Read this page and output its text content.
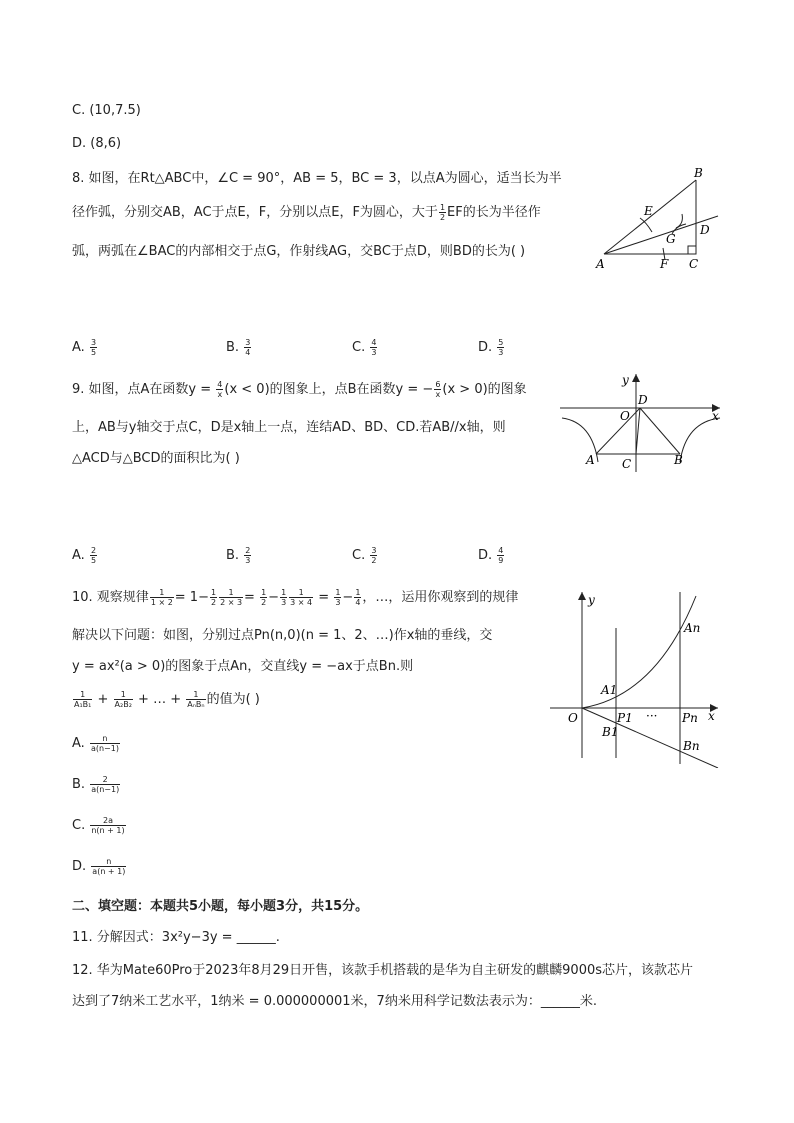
C. (10,7.5)
D. (8,6)
8. 如图，在Rt△ABC中，∠C = 90°，AB = 5，BC = 3，以点A为圆心，适当长为半
径作弧，分别交AB，AC于点E，F，分别以点E，F为圆心，大于 $\frac{1}{2}$ EF的长为半径作
弧，两弧在∠BAC的内部相交于点G，作射线AG，交BC于点D，则BD的长为( )
B
E
G
D
A	F C
A. $\frac{3}{5}$	B. $\frac{3}{4}$	C. $\frac{4}{3}$	D. $\frac{5}{3}$
9. 如图，点A在函数$y = \frac{4}{x} (x < 0)$的图象上，点B在函数y = − $\frac{6}{x} (x > 0)$的图象
上，AB与y轴交于点C，D是x轴上一点，连结AD、BD、CD.若AB//x轴，则
△ACD与△BCD的面积比为( )
y
x
O
D
A C	B
A. $\frac{2}{5}$	B. $\frac{2}{3}$	C. $\frac{3}{2}$	D. $\frac{4}{9}$
10. 观察规律 $\frac{1}{1 \times 2} = 1- \frac{1}{2} \frac{1}{2 \times 3} = \frac{1}{2} - \frac{1}{3} \frac{1}{3 \times 4} = \frac{1}{3} - \frac{1}{4}$ ，…，运用你观察到的规律
解决以下问题：如图，分别过点Pn(n,0)(n = 1、2、…)作x轴的垂线，交
y = ax²(a > 0)的图象于点An，交直线y = −ax于点Bn.则
$\frac{1}{\text{A₁B₁}} + \frac{1}{\text{A₂B₂}}$ + … + $\frac{1}{\text{AₙBₙ}}$ 的值为( )
y
x
O
An
A1
P1 ··· Pn
B1
Bn
A. $\frac{n}{a(n-1)}$
B. $\frac{2}{a(n-1)}$
C. $\frac{2a}{n(n + 1)}$
D. $\frac{n}{a(n + 1)}$
二、填空题：本题共5小题，每小题3分，共15分。
11. 分解因式：3x²y−3y = ______.
12. 华为Mate60Pro于2023年8月29日开售，该款手机搭载的是华为自主研发的麒麟9000s芯片，该款芯片
达到了7纳米工艺水平，1纳米 = 0.000000001米，7纳米用科学记数法表示为：______米.
